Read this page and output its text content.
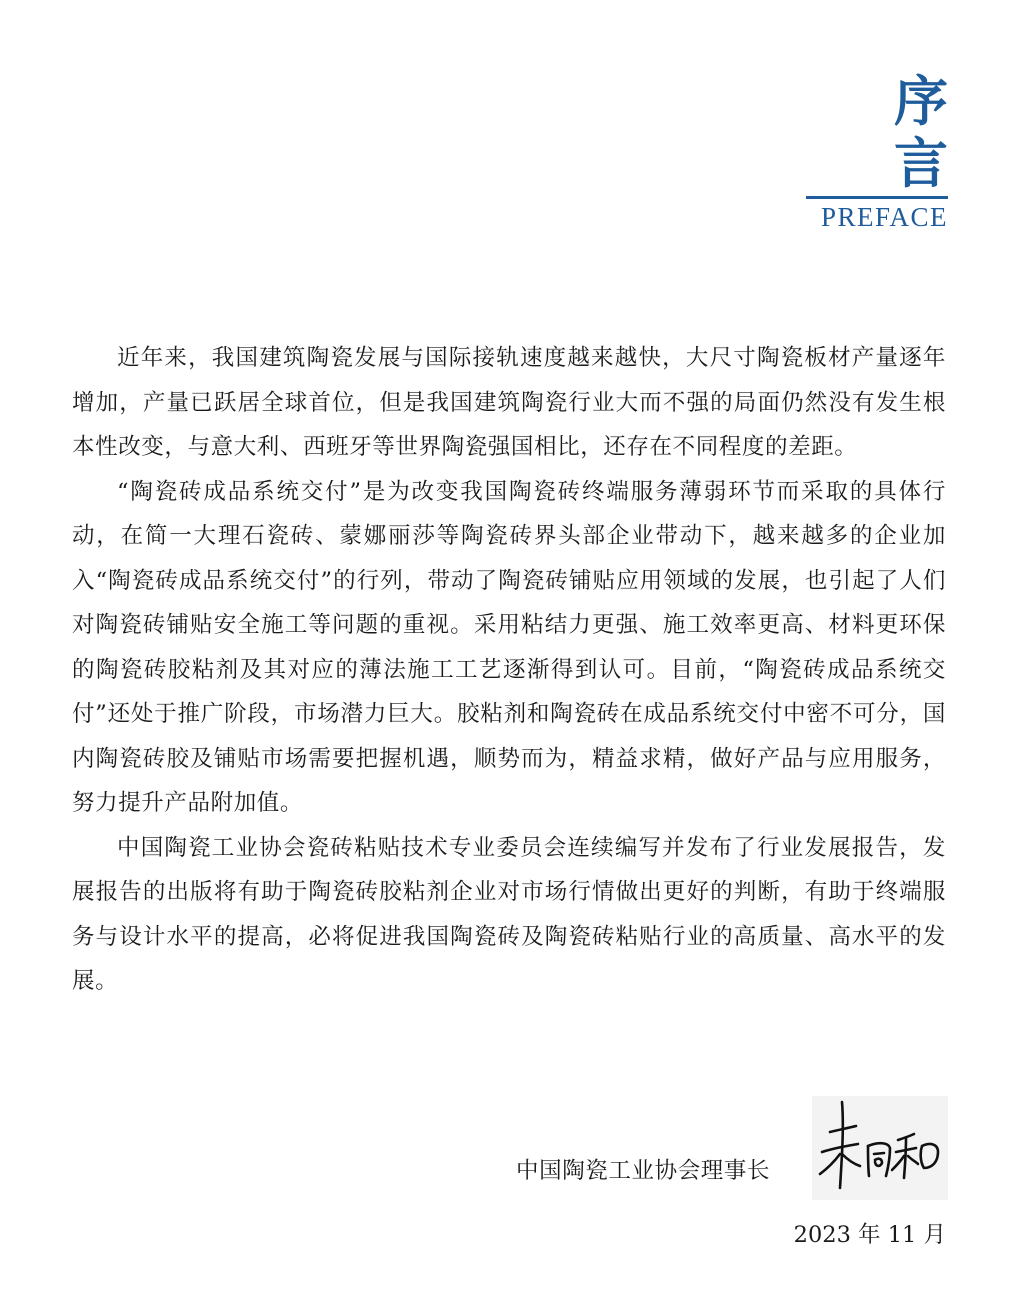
序 言
PREFACE

近年来，我国建筑陶瓷发展与国际接轨速度越来越快，大尺寸陶瓷板材产量逐年增加，产量已跃居全球首位，但是我国建筑陶瓷行业大而不强的局面仍然没有发生根本性改变，与意大利、西班牙等世界陶瓷强国相比，还存在不同程度的差距。

“陶瓷砖成品系统交付”是为改变我国陶瓷砖终端服务薄弱环节而采取的具体行动，在简一大理石瓷砖、蒙娜丽莎等陶瓷砖界头部企业带动下，越来越多的企业加入“陶瓷砖成品系统交付”的行列，带动了陶瓷砖铺贴应用领域的发展，也引起了人们对陶瓷砖铺贴安全施工等问题的重视。采用粘结力更强、施工效率更高、材料更环保的陶瓷砖胶粘剂及其对应的薄法施工工艺逐渐得到认可。目前，“陶瓷砖成品系统交付”还处于推广阶段，市场潜力巨大。胶粘剂和陶瓷砖在成品系统交付中密不可分，国内陶瓷砖胶及铺贴市场需要把握机遇，顺势而为，精益求精，做好产品与应用服务，努力提升产品附加值。

中国陶瓷工业协会瓷砖粘贴技术专业委员会连续编写并发布了行业发展报告，发展报告的出版将有助于陶瓷砖胶粘剂企业对市场行情做出更好的判断，有助于终端服务与设计水平的提高，必将促进我国陶瓷砖及陶瓷砖粘贴行业的高质量、高水平的发展。

中国陶瓷工业协会理事长
2023 年 11 月
